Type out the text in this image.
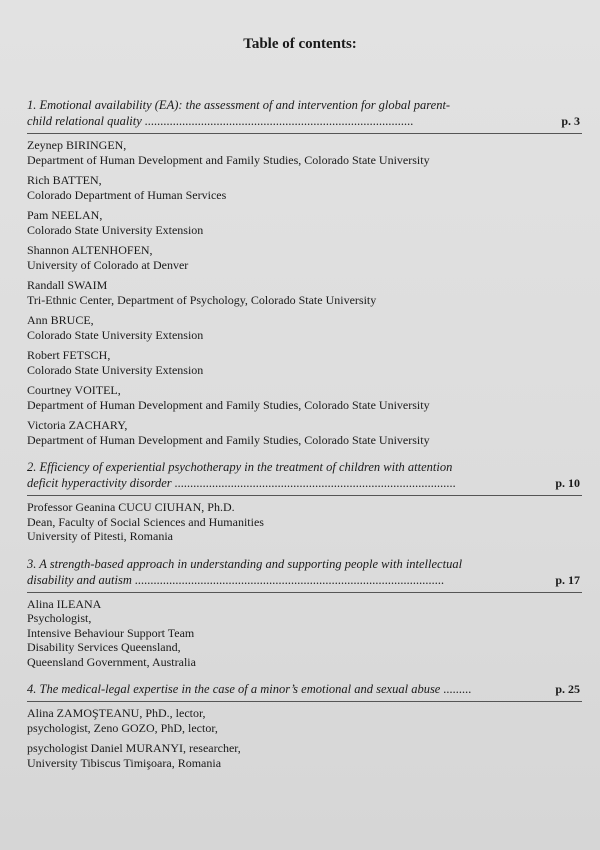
Table of contents:
1. Emotional availability (EA): the assessment of and intervention for global parent-
child relational quality ......................................................................................	p. 3
Zeynep BIRINGEN,
Department of Human Development and Family Studies, Colorado State University
Rich BATTEN,
Colorado Department of Human Services
Pam NEELAN,
Colorado State University Extension
Shannon ALTENHOFEN,
University of Colorado at Denver
Randall SWAIM
Tri-Ethnic Center, Department of Psychology, Colorado State University
Ann BRUCE,
Colorado State University Extension
Robert FETSCH,
Colorado State University Extension
Courtney VOITEL,
Department of Human Development and Family Studies, Colorado State University
Victoria ZACHARY,
Department of Human Development and Family Studies, Colorado State University
2. Efficiency of experiential psychotherapy in the treatment of children with attention
deficit hyperactivity disorder ..........................................................................................	p. 10
Professor Geanina CUCU CIUHAN, Ph.D.
Dean, Faculty of Social Sciences and Humanities
University of Pitesti, Romania
3. A strength-based approach in understanding and supporting people with intellectual
disability and autism ...................................................................................................	p. 17
Alina ILEANA
Psychologist,
Intensive Behaviour Support Team
Disability Services Queensland,
Queensland Government, Australia
4. The medical-legal expertise in the case of a minor’s emotional and sexual abuse .........	p. 25
Alina ZAMOŞTEANU, PhD., lector,
psychologist, Zeno GOZO, PhD, lector,
psychologist Daniel MURANYI, researcher,
University Tibiscus Timişoara, Romania
